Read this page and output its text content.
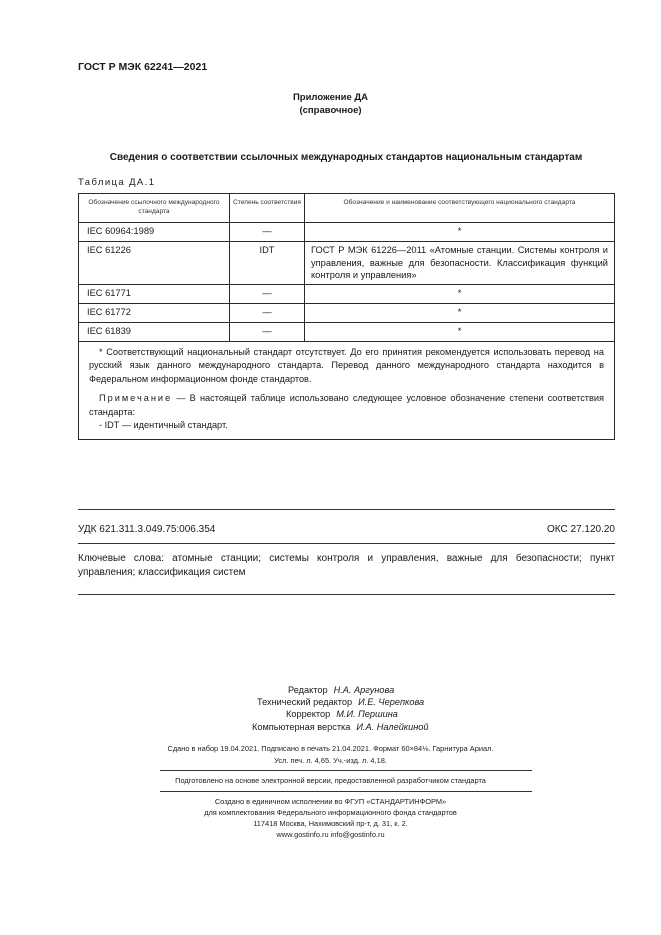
ГОСТ Р МЭК 62241—2021
Приложение ДА
(справочное)
Сведения о соответствии ссылочных международных стандартов национальным стандартам
Таблица ДА.1
Обозначение ссылочного международного стандарта	Степень соответствия	Обозначение и наименование соответствующего национального стандарта
IEC 60964:1989	—	*
IEC 61226	IDT	ГОСТ Р МЭК 61226—2011 «Атомные станции. Системы контроля и управления, важные для безопасности. Классификация функций контроля и управления»
IEC 61771	—	*
IEC 61772	—	*
IEC 61839	—	*

* Соответствующий национальный стандарт отсутствует. До его принятия рекомендуется использовать перевод на русский язык данного международного стандарта. Перевод данного международного стандарта находится в Федеральном информационном фонде стандартов.

Примечание — В настоящей таблице использовано следующее условное обозначение степени соответствия стандарта:

- IDT — идентичный стандарт.		

УДК 621.311.3.049.75:006.354	ОКС 27.120.20
Ключевые слова: атомные станции; системы контроля и управления, важные для безопасности; пункт управления; классификация систем
Редактор Н.А. Аргунова
Технический редактор И.Е. Черепкова
Корректор М.И. Першина
Компьютерная верстка И.А. Налейкиной
Сдано в набор 19.04.2021. Подписано в печать 21.04.2021. Формат 60×84⅛. Гарнитура Ариал.
Усл. печ. л. 4,65. Уч.-изд. л. 4,18.
Подготовлено на основе электронной версии, предоставленной разработчиком стандарта
Создано в единичном исполнении во ФГУП «СТАНДАРТИНФОРМ»
для комплектования Федерального информационного фонда стандартов
117418 Москва, Нахимовский пр-т, д. 31, к. 2.
www.gostinfo.ru info@gostinfo.ru
